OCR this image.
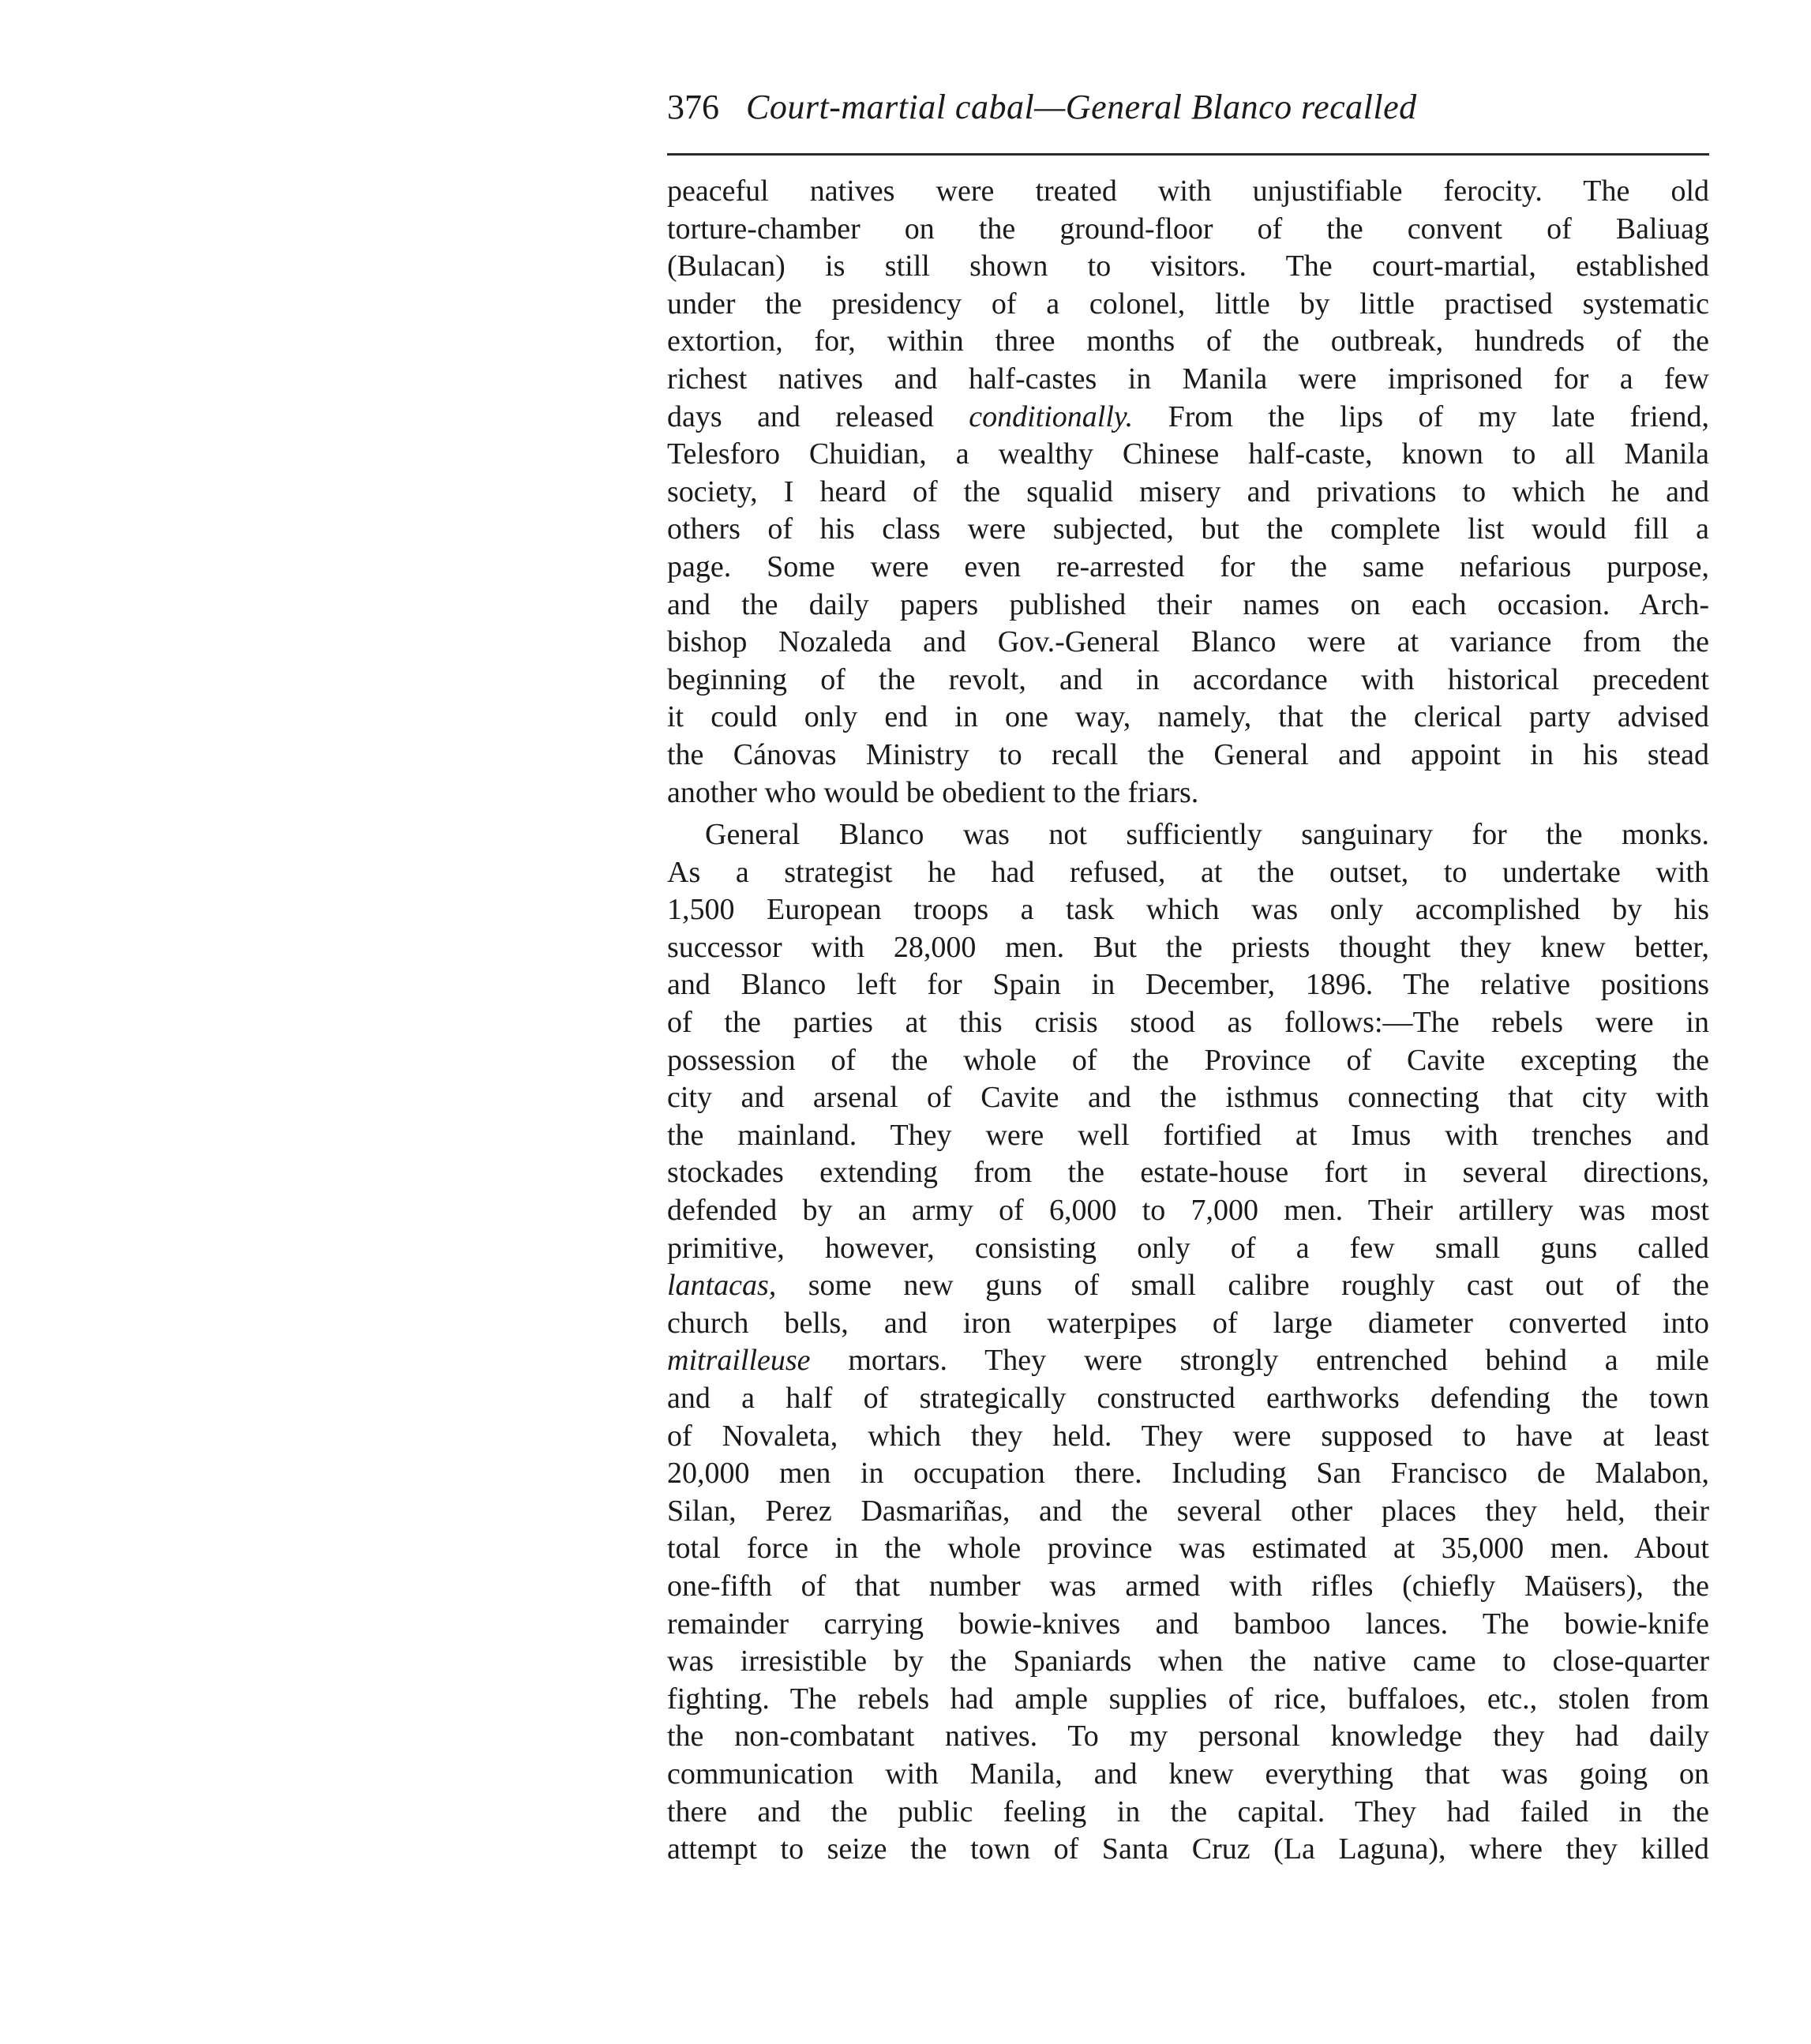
376 Court-martial cabal—General Blanco recalled

peaceful natives were treated with unjustifiable ferocity. The old
torture-chamber on the ground-floor of the convent of Baliuag
(Bulacan) is still shown to visitors. The court-martial, established
under the presidency of a colonel, little by little practised systematic
extortion, for, within three months of the outbreak, hundreds of the
richest natives and half-castes in Manila were imprisoned for a few
days and released conditionally. From the lips of my late friend,
Telesforo Chuidian, a wealthy Chinese half-caste, known to all Manila
society, I heard of the squalid misery and privations to which he and
others of his class were subjected, but the complete list would fill a
page. Some were even re-arrested for the same nefarious purpose,
and the daily papers published their names on each occasion. Arch-
bishop Nozaleda and Gov.-General Blanco were at variance from the
beginning of the revolt, and in accordance with historical precedent
it could only end in one way, namely, that the clerical party advised
the Cánovas Ministry to recall the General and appoint in his stead
another who would be obedient to the friars.

General Blanco was not sufficiently sanguinary for the monks.
As a strategist he had refused, at the outset, to undertake with
1,500 European troops a task which was only accomplished by his
successor with 28,000 men. But the priests thought they knew better,
and Blanco left for Spain in December, 1896. The relative positions
of the parties at this crisis stood as follows:—The rebels were in
possession of the whole of the Province of Cavite excepting the
city and arsenal of Cavite and the isthmus connecting that city with
the mainland. They were well fortified at Imus with trenches and
stockades extending from the estate-house fort in several directions,
defended by an army of 6,000 to 7,000 men. Their artillery was most
primitive, however, consisting only of a few small guns called
lantacas, some new guns of small calibre roughly cast out of the
church bells, and iron waterpipes of large diameter converted into
mitrailleuse mortars. They were strongly entrenched behind a mile
and a half of strategically constructed earthworks defending the town
of Novaleta, which they held. They were supposed to have at least
20,000 men in occupation there. Including San Francisco de Malabon,
Silan, Perez Dasmariñas, and the several other places they held, their
total force in the whole province was estimated at 35,000 men. About
one-fifth of that number was armed with rifles (chiefly Maüsers), the
remainder carrying bowie-knives and bamboo lances. The bowie-knife
was irresistible by the Spaniards when the native came to close-quarter
fighting. The rebels had ample supplies of rice, buffaloes, etc., stolen from
the non-combatant natives. To my personal knowledge they had daily
communication with Manila, and knew everything that was going on
there and the public feeling in the capital. They had failed in the
attempt to seize the town of Santa Cruz (La Laguna), where they killed
